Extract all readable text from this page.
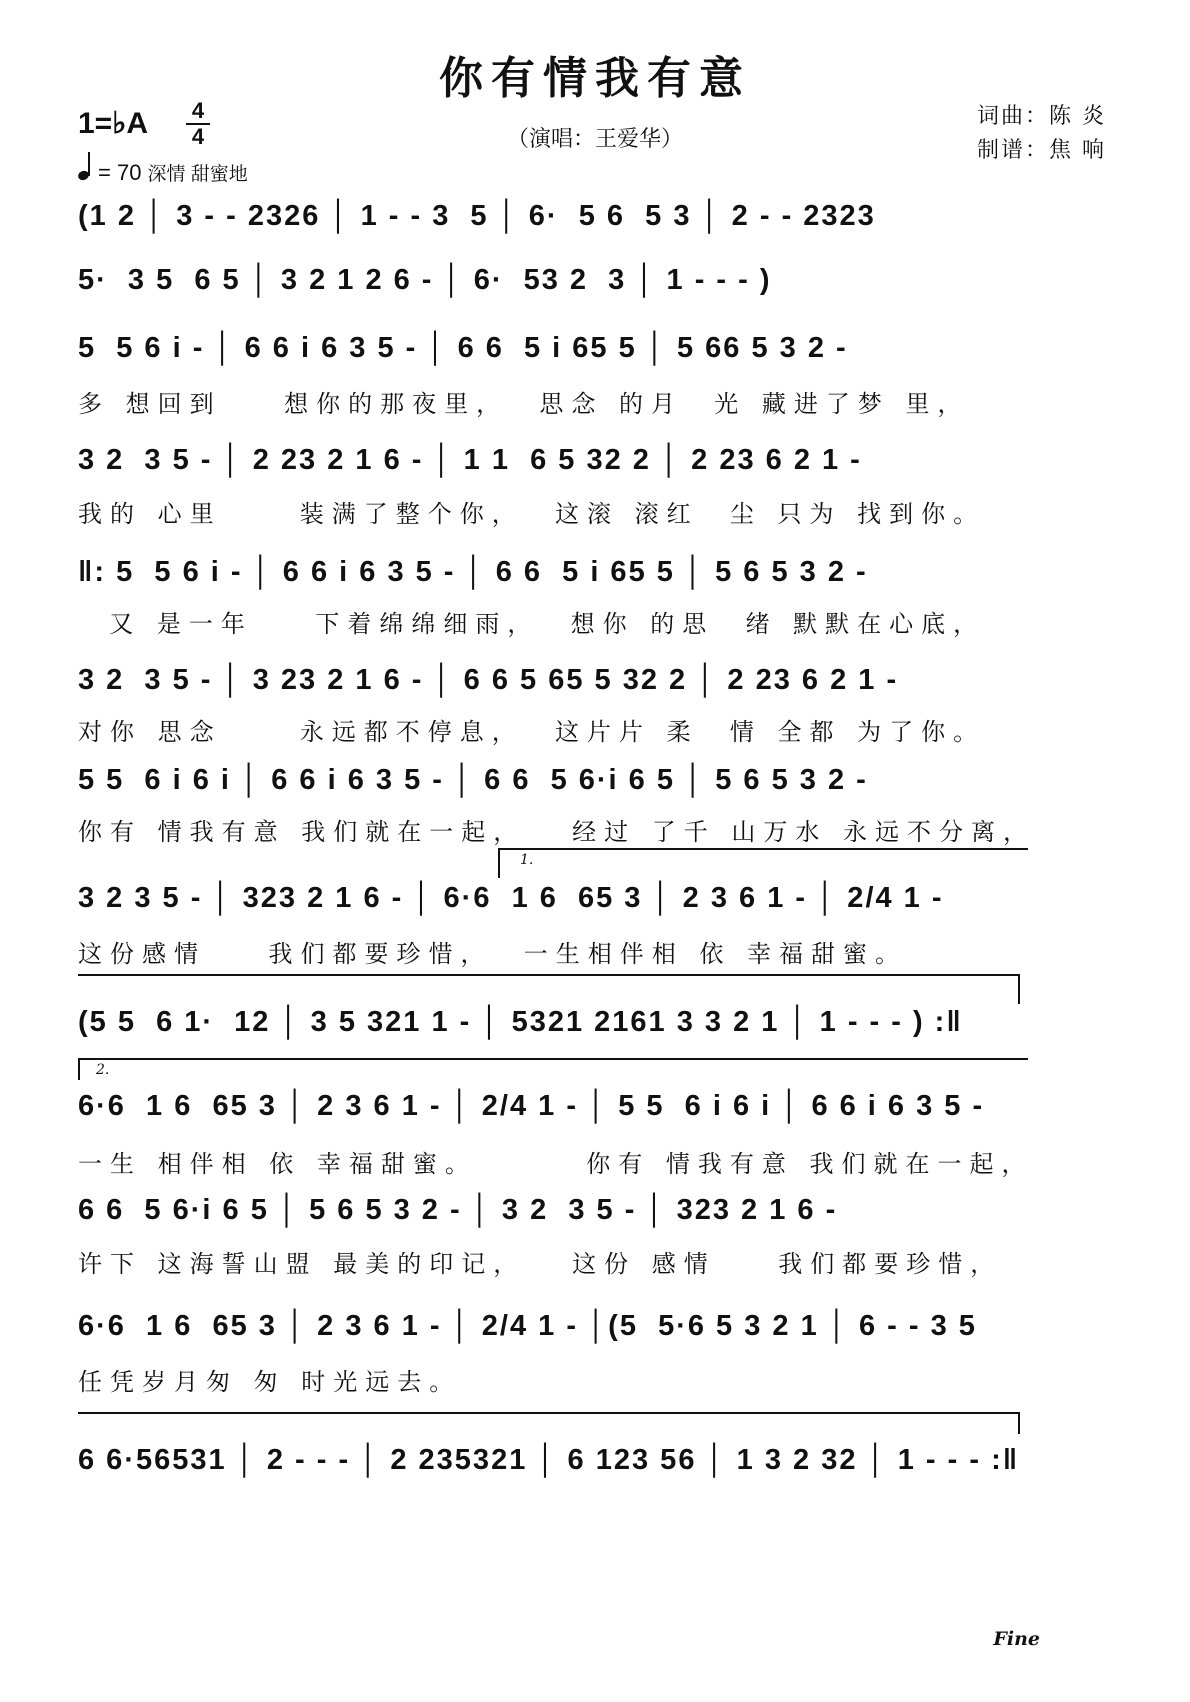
你有情我有意
（演唱：王爱华）
1=♭A 4
4
= 70 深情 甜蜜地
词曲：陈 炎
制谱：焦 响
(1 2 │ 3 - - 2326 │ 1 - - 3  5 │ 6·  5 6  5 3 │ 2 - - 2323
5·  3 5  6 5 │ 3 2 1 2 6 - │ 6·  53 2  3 │ 1 - - - )
5  5 6 i - │ 6 6 i 6 3 5 - │ 6 6  5 i 65 5 │ 5 66 5 3 2 -
多 想回到    想你的那夜里，  思念 的月  光 藏进了梦 里，
3 2  3 5 - │ 2 23 2 1 6 - │ 1 1  6 5 32 2 │ 2 23 6 2 1 -
我的 心里     装满了整个你，  这滚 滚红  尘 只为 找到你。
‖: 5  5 6 i - │ 6 6 i 6 3 5 - │ 6 6  5 i 65 5 │ 5 6 5 3 2 -
又 是一年    下着绵绵细雨，  想你 的思  绪 默默在心底，
3 2  3 5 - │ 3 23 2 1 6 - │ 6 6 5 65 5 32 2 │ 2 23 6 2 1 -
对你 思念     永远都不停息，  这片片 柔  情 全都 为了你。
5 5  6 i 6 i │ 6 6 i 6 3 5 - │ 6 6  5 6·i 6 5 │ 5 6 5 3 2 -
你有 情我有意 我们就在一起，   经过 了千 山万水 永远不分离，
1.
3 2 3 5 - │ 323 2 1 6 - │ 6·6  1 6  65 3 │ 2 3 6 1 - │ 2/4 1 -
这份感情    我们都要珍惜，  一生相伴相 依 幸福甜蜜。
(5 5  6 1·  12 │ 3 5 321 1 - │ 5321 2161 3 3 2 1 │ 1 - - - ) :‖
2.
6·6  1 6  65 3 │ 2 3 6 1 - │ 2/4 1 - │ 5 5  6 i 6 i │ 6 6 i 6 3 5 -
一生 相伴相 依 幸福甜蜜。       你有 情我有意 我们就在一起，
6 6  5 6·i 6 5 │ 5 6 5 3 2 - │ 3 2  3 5 - │ 323 2 1 6 -
许下 这海誓山盟 最美的印记，   这份 感情    我们都要珍惜，
6·6  1 6  65 3 │ 2 3 6 1 - │ 2/4 1 - │(5  5·6 5 3 2 1 │ 6 - - 3 5
任凭岁月匆 匆 时光远去。
6 6·56531 │ 2 - - - │ 2 235321 │ 6 123 56 │ 1 3 2 32 │ 1 - - - :‖
Fine
